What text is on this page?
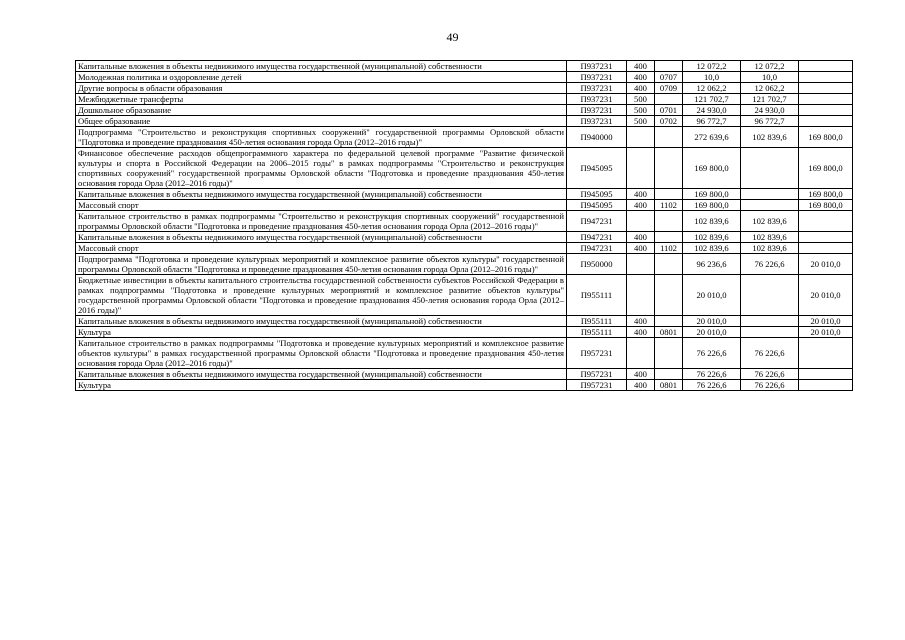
49
Капитальные вложения в объекты недвижимого имущества государственной (муниципальной) собственности	П937231	400		12 072,2	12 072,2	
Молодежная политика и оздоровление детей	П937231	400	0707	10,0	10,0	
Другие вопросы в области образования	П937231	400	0709	12 062,2	12 062,2	
Межбюджетные трансферты	П937231	500		121 702,7	121 702,7	
Дошкольное образование	П937231	500	0701	24 930,0	24 930,0	
Общее образование	П937231	500	0702	96 772,7	96 772,7	
Подпрограмма "Строительство и реконструкция спортивных сооружений" государственной программы Орловской области "Подготовка и проведение празднования 450-летия основания города Орла (2012–2016 годы)"	П940000			272 639,6	102 839,6	169 800,0
Финансовое обеспечение расходов общепрограммного характера по федеральной целевой программе "Развитие физической культуры и спорта в Российской Федерации на 2006–2015 годы" в рамках подпрограммы "Строительство и реконструкция спортивных сооружений" государственной программы Орловской области "Подготовка и проведение празднования 450-летия основания города Орла (2012–2016 годы)"	П945095			169 800,0		169 800,0
Капитальные вложения в объекты недвижимого имущества государственной (муниципальной) собственности	П945095	400		169 800,0		169 800,0
Массовый спорт	П945095	400	1102	169 800,0		169 800,0
Капитальное строительство в рамках подпрограммы "Строительство и реконструкция спортивных сооружений" государственной программы Орловской области "Подготовка и проведение празднования 450-летия основания города Орла (2012–2016 годы)"	П947231			102 839,6	102 839,6	
Капитальные вложения в объекты недвижимого имущества государственной (муниципальной) собственности	П947231	400		102 839,6	102 839,6	
Массовый спорт	П947231	400	1102	102 839,6	102 839,6	
Подпрограмма "Подготовка и проведение культурных мероприятий и комплексное развитие объектов культуры" государственной программы Орловской области "Подготовка и проведение празднования 450-летия основания города Орла (2012–2016 годы)"	П950000			96 236,6	76 226,6	20 010,0
Бюджетные инвестиции в объекты капитального строительства государственной собственности субъектов Российской Федерации в рамках подпрограммы "Подготовка и проведение культурных мероприятий и комплексное развитие объектов культуры" государственной программы Орловской области "Подготовка и проведение празднования 450-летия основания города Орла (2012–2016 годы)"	П955111			20 010,0		20 010,0
Капитальные вложения в объекты недвижимого имущества государственной (муниципальной) собственности	П955111	400		20 010,0		20 010,0
Культура	П955111	400	0801	20 010,0		20 010,0
Капитальное строительство в рамках подпрограммы "Подготовка и проведение культурных мероприятий и комплексное развитие объектов культуры" в рамках государственной программы Орловской области "Подготовка и проведение празднования 450-летия основания города Орла (2012–2016 годы)"	П957231			76 226,6	76 226,6	
Капитальные вложения в объекты недвижимого имущества государственной (муниципальной) собственности	П957231	400		76 226,6	76 226,6	
Культура	П957231	400	0801	76 226,6	76 226,6	
